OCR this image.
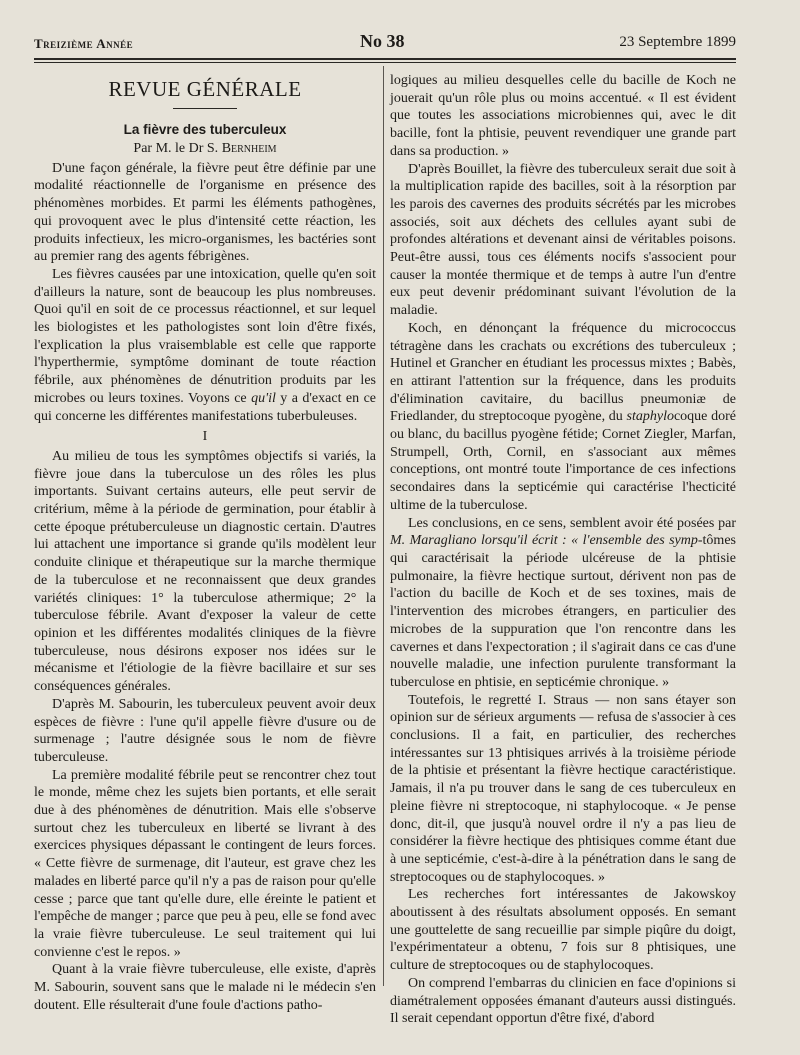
Treizième Année	No 38	23 Septembre 1899
REVUE GÉNÉRALE
La fièvre des tuberculeux
Par M. le Dr S. Bernheim

D'une façon générale, la fièvre peut être définie par une modalité réactionnelle de l'organisme en présence des phénomènes morbides. Et parmi les éléments pathogènes, qui provoquent avec le plus d'intensité cette réaction, les produits infectieux, les micro-organismes, les bactéries sont au premier rang des agents fébrigènes.

Les fièvres causées par une intoxication, quelle qu'en soit d'ailleurs la nature, sont de beaucoup les plus nombreuses. Quoi qu'il en soit de ce processus réactionnel, et sur lequel les biologistes et les pathologistes sont loin d'être fixés, l'explication la plus vraisemblable est celle que rapporte l'hyperthermie, symptôme dominant de toute réaction fébrile, aux phénomènes de dénutrition produits par les microbes ou leurs toxines. Voyons ce qu'il y a d'exact en ce qui concerne les différentes manifestations tuberbuleuses.

I

Au milieu de tous les symptômes objectifs si variés, la fièvre joue dans la tuberculose un des rôles les plus importants. Suivant certains auteurs, elle peut servir de critérium, même à la période de germination, pour établir à cette époque prétuberculeuse un diagnostic certain. D'autres lui attachent une importance si grande qu'ils modèlent leur conduite clinique et thérapeutique sur la marche thermique de la tuberculose et ne reconnaissent que deux grandes variétés cliniques: 1° la tuberculose athermique; 2° la tuberculose fébrile. Avant d'exposer la valeur de cette opinion et les différentes modalités cliniques de la fièvre tuberculeuse, nous désirons exposer nos idées sur le mécanisme et l'étiologie de la fièvre bacillaire et sur ses conséquences générales.

D'après M. Sabourin, les tuberculeux peuvent avoir deux espèces de fièvre : l'une qu'il appelle fièvre d'usure ou de surmenage ; l'autre désignée sous le nom de fièvre tuberculeuse.

La première modalité fébrile peut se rencontrer chez tout le monde, même chez les sujets bien portants, et elle serait due à des phénomènes de dénutrition. Mais elle s'observe surtout chez les tuberculeux en liberté se livrant à des exercices physiques dépassant le contingent de leurs forces. « Cette fièvre de surmenage, dit l'auteur, est grave chez les malades en liberté parce qu'il n'y a pas de raison pour qu'elle cesse ; parce que tant qu'elle dure, elle éreinte le patient et l'empêche de manger ; parce que peu à peu, elle se fond avec la vraie fièvre tuberculeuse. Le seul traitement qui lui convienne c'est le repos. »

Quant à la vraie fièvre tuberculeuse, elle existe, d'après M. Sabourin, souvent sans que le malade ni le médecin s'en doutent. Elle résulterait d'une foule d'actions patho-

logiques au milieu desquelles celle du bacille de Koch ne jouerait qu'un rôle plus ou moins accentué. « Il est évident que toutes les associations microbiennes qui, avec le dit bacille, font la phtisie, peuvent revendiquer une grande part dans sa production. »

D'après Bouillet, la fièvre des tuberculeux serait due soit à la multiplication rapide des bacilles, soit à la résorption par les parois des cavernes des produits sécrétés par les microbes associés, soit aux déchets des cellules ayant subi de profondes altérations et devenant ainsi de véritables poisons. Peut-être aussi, tous ces éléments nocifs s'associent pour causer la montée thermique et de temps à autre l'un d'entre eux peut devenir prédominant suivant l'évolution de la maladie.

Koch, en dénonçant la fréquence du micrococcus tétragène dans les crachats ou excrétions des tuberculeux ; Hutinel et Grancher en étudiant les processus mixtes ; Babès, en attirant l'attention sur la fréquence, dans les produits d'élimination cavitaire, du bacillus pneumoniæ de Friedlander, du streptocoque pyogène, du staphylocoque doré ou blanc, du bacillus pyogène fétide; Cornet Ziegler, Marfan, Strumpell, Orth, Cornil, en s'associant aux mêmes conceptions, ont montré toute l'importance de ces infections secondaires dans la septicémie qui caractérise l'hecticité ultime de la tuberculose.

Les conclusions, en ce sens, semblent avoir été posées par M. Maragliano lorsqu'il écrit : « l'ensemble des symp-tômes qui caractérisait la période ulcéreuse de la phtisie pulmonaire, la fièvre hectique surtout, dérivent non pas de l'action du bacille de Koch et de ses toxines, mais de l'intervention des microbes étrangers, en particulier des microbes de la suppuration que l'on rencontre dans les cavernes et dans l'expectoration ; il s'agirait dans ce cas d'une nouvelle maladie, une infection purulente transformant la tuberculose en phtisie, en septicémie chronique. »

Toutefois, le regretté I. Straus — non sans étayer son opinion sur de sérieux arguments — refusa de s'associer à ces conclusions. Il a fait, en particulier, des recherches intéressantes sur 13 phtisiques arrivés à la troisième période de la phtisie et présentant la fièvre hectique caractéristique. Jamais, il n'a pu trouver dans le sang de ces tuberculeux en pleine fièvre ni streptocoque, ni staphylocoque. « Je pense donc, dit-il, que jusqu'à nouvel ordre il n'y a pas lieu de considérer la fièvre hectique des phtisiques comme étant due à une septicémie, c'est-à-dire à la pénétration dans le sang de streptocoques ou de staphylocoques. »

Les recherches fort intéressantes de Jakowskoy aboutissent à des résultats absolument opposés. En semant une gouttelette de sang recueillie par simple piqûre du doigt, l'expérimentateur a obtenu, 7 fois sur 8 phtisiques, une culture de streptocoques ou de staphylocoques.

On comprend l'embarras du clinicien en face d'opinions si diamétralement opposées émanant d'auteurs aussi distingués. Il serait cependant opportun d'être fixé, d'abord
